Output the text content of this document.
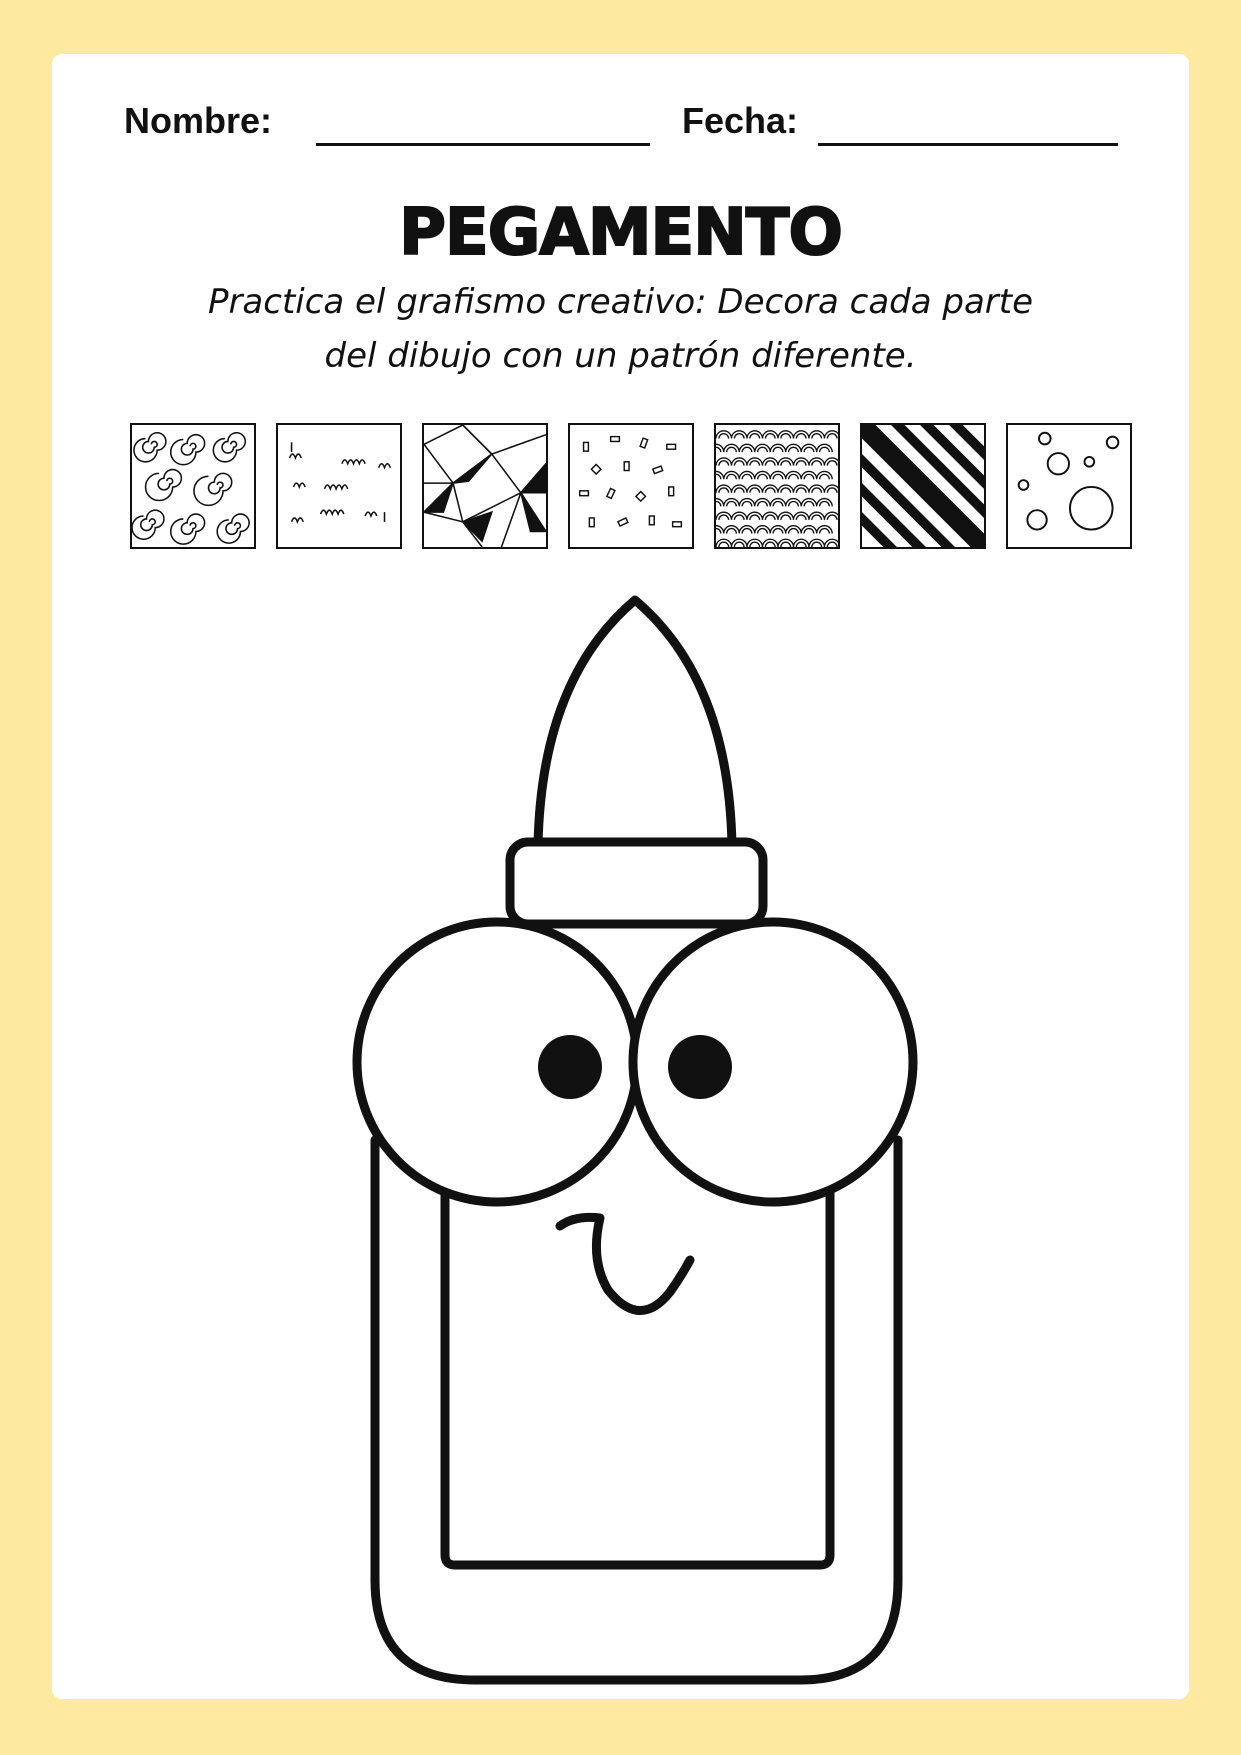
Nombre:	Fecha:
PEGAMENTO
Practica el grafismo creativo: Decora cada parte
del dibujo con un patrón diferente.
